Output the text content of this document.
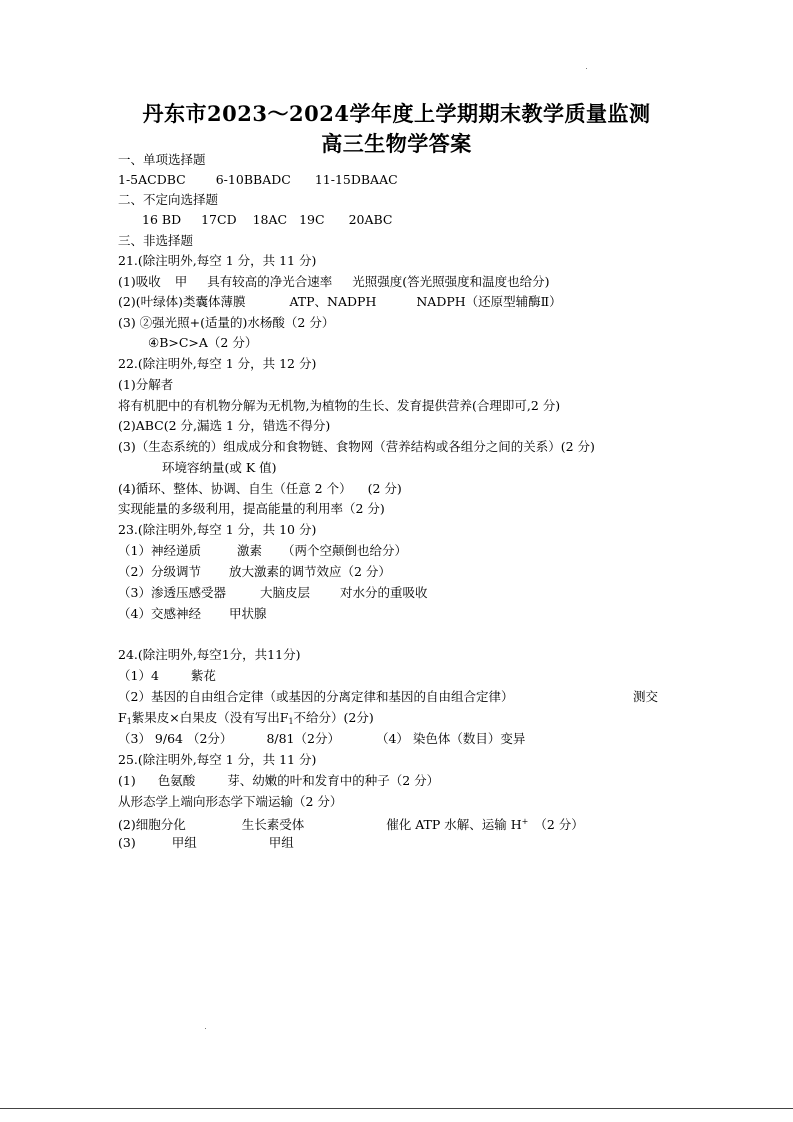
丹东市2023～2024学年度上学期期末教学质量监测
高三生物学答案
一、单项选择题
1-5ACDBC 6-10BBADC 11-15DBAAC
二、不定向选择题
16 BD 17CD 18AC 19C 20ABC
三、非选择题
21.(除注明外,每空 1 分，共 11 分)
(1)吸收 甲 具有较高的净光合速率 光照强度(答光照强度和温度也给分)
(2)(叶绿体)类囊体薄膜	ATP、NADPH	NADPH（还原型辅酶Ⅱ）
(3) ②强光照+(适量的)水杨酸（2 分）
④B>C>A（2 分）
22.(除注明外,每空 1 分，共 12 分)
(1)分解者
将有机肥中的有机物分解为无机物,为植物的生长、发育提供营养(合理即可,2 分)
(2)ABC(2 分,漏选 1 分，错选不得分)
(3)（生态系统的）组成成分和食物链、食物网（营养结构或各组分之间的关系）(2 分)
环境容纳量(或 K 值)
(4)循环、整体、协调、自生（任意 2 个） (2 分)
实现能量的多级利用，提高能量的利用率（2 分)
23.(除注明外,每空 1 分，共 10 分)
（1）神经递质	激素 （两个空颠倒也给分）
（2）分级调节 放大激素的调节效应（2 分）
（3）渗透压感受器	大脑皮层 对水分的重吸收
（4）交感神经 甲状腺
24.(除注明外,每空1分，共11分)
（1）4	紫花
（2）基因的自由组合定律（或基因的分离定律和基因的自由组合定律）	测交
F1紫果皮×白果皮（没有写出F1不给分）(2分)
（3） 9/64 （2分）	8/81（2分）	（4） 染色体（数目）变异
25.(除注明外,每空 1 分，共 11 分)
(1) 色氨酸	芽、幼嫩的叶和发育中的种子（2 分）
从形态学上端向形态学下端运输（2 分）
(2)细胞分化	生长素受体	催化 ATP 水解、运输 H+ （2 分）
(3)	甲组	甲组
